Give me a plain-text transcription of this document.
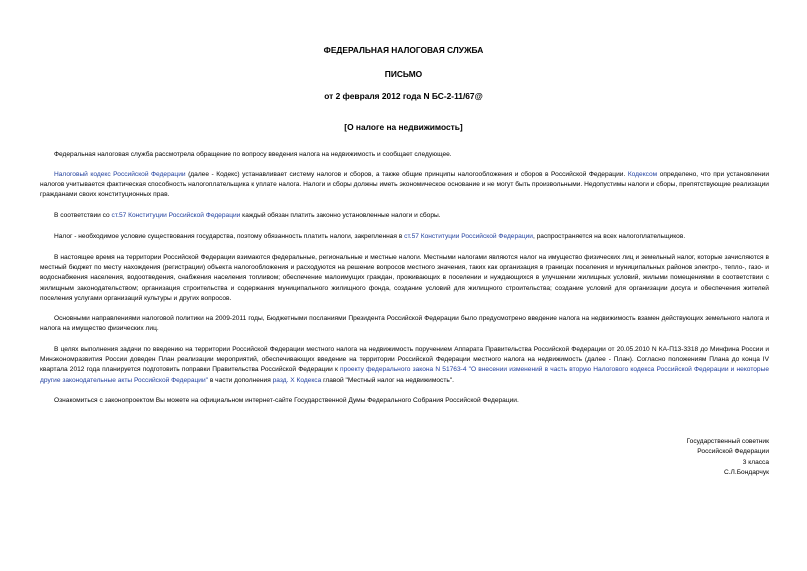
ФЕДЕРАЛЬНАЯ НАЛОГОВАЯ СЛУЖБА
ПИСЬМО
от 2 февраля 2012 года N БС-2-11/67@
[О налоге на недвижимость]
Федеральная налоговая служба рассмотрела обращение по вопросу введения налога на недвижимость и сообщает следующее.
Налоговый кодекс Российской Федерации (далее - Кодекс) устанавливает систему налогов и сборов, а также общие принципы налогообложения и сборов в Российской Федерации. Кодексом определено, что при установлении налогов учитывается фактическая способность налогоплательщика к уплате налога. Налоги и сборы должны иметь экономическое основание и не могут быть произвольными. Недопустимы налоги и сборы, препятствующие реализации гражданами своих конституционных прав.
В соответствии со ст.57 Конституции Российской Федерации каждый обязан платить законно установленные налоги и сборы.
Налог - необходимое условие существования государства, поэтому обязанность платить налоги, закрепленная в ст.57 Конституции Российской Федерации, распространяется на всех налогоплательщиков.
В настоящее время на территории Российской Федерации взимаются федеральные, региональные и местные налоги. Местными налогами являются налог на имущество физических лиц и земельный налог, которые зачисляются в местный бюджет по месту нахождения (регистрации) объекта налогообложения и расходуются на решение вопросов местного значения, таких как организация в границах поселения и муниципальных районов электро-, тепло-, газо- и водоснабжения населения, водоотведения, снабжения населения топливом; обеспечение малоимущих граждан, проживающих в поселении и нуждающихся в улучшении жилищных условий, жилыми помещениями в соответствии с жилищным законодательством; организация строительства и содержания муниципального жилищного фонда, создание условий для жилищного строительства; создание условий для организации досуга и обеспечения жителей поселения услугами организаций культуры и других вопросов.
Основными направлениями налоговой политики на 2009-2011 годы, Бюджетными посланиями Президента Российской Федерации было предусмотрено введение налога на недвижимость взамен действующих земельного налога и налога на имущество физических лиц.
В целях выполнения задачи по введению на территории Российской Федерации местного налога на недвижимость поручением Аппарата Правительства Российской Федерации от 20.05.2010 N КА-П13-3318 до Минфина России и Минэкономразвития России доведен План реализации мероприятий, обеспечивающих введение на территории Российской Федерации местного налога на недвижимость (далее - План). Согласно положениям Плана до конца IV квартала 2012 года планируется подготовить поправки Правительства Российской Федерации к проекту федерального закона N 51763-4 "О внесении изменений в часть вторую Налогового кодекса Российской Федерации и некоторые другие законодательные акты Российской Федерации" в части дополнения разд. X Кодекса главой "Местный налог на недвижимость".
Ознакомиться с законопроектом Вы можете на официальном интернет-сайте Государственной Думы Федерального Собрания Российской Федерации.
Государственный советник
Российской Федерации
3 класса
С.Л.Бондарчук
